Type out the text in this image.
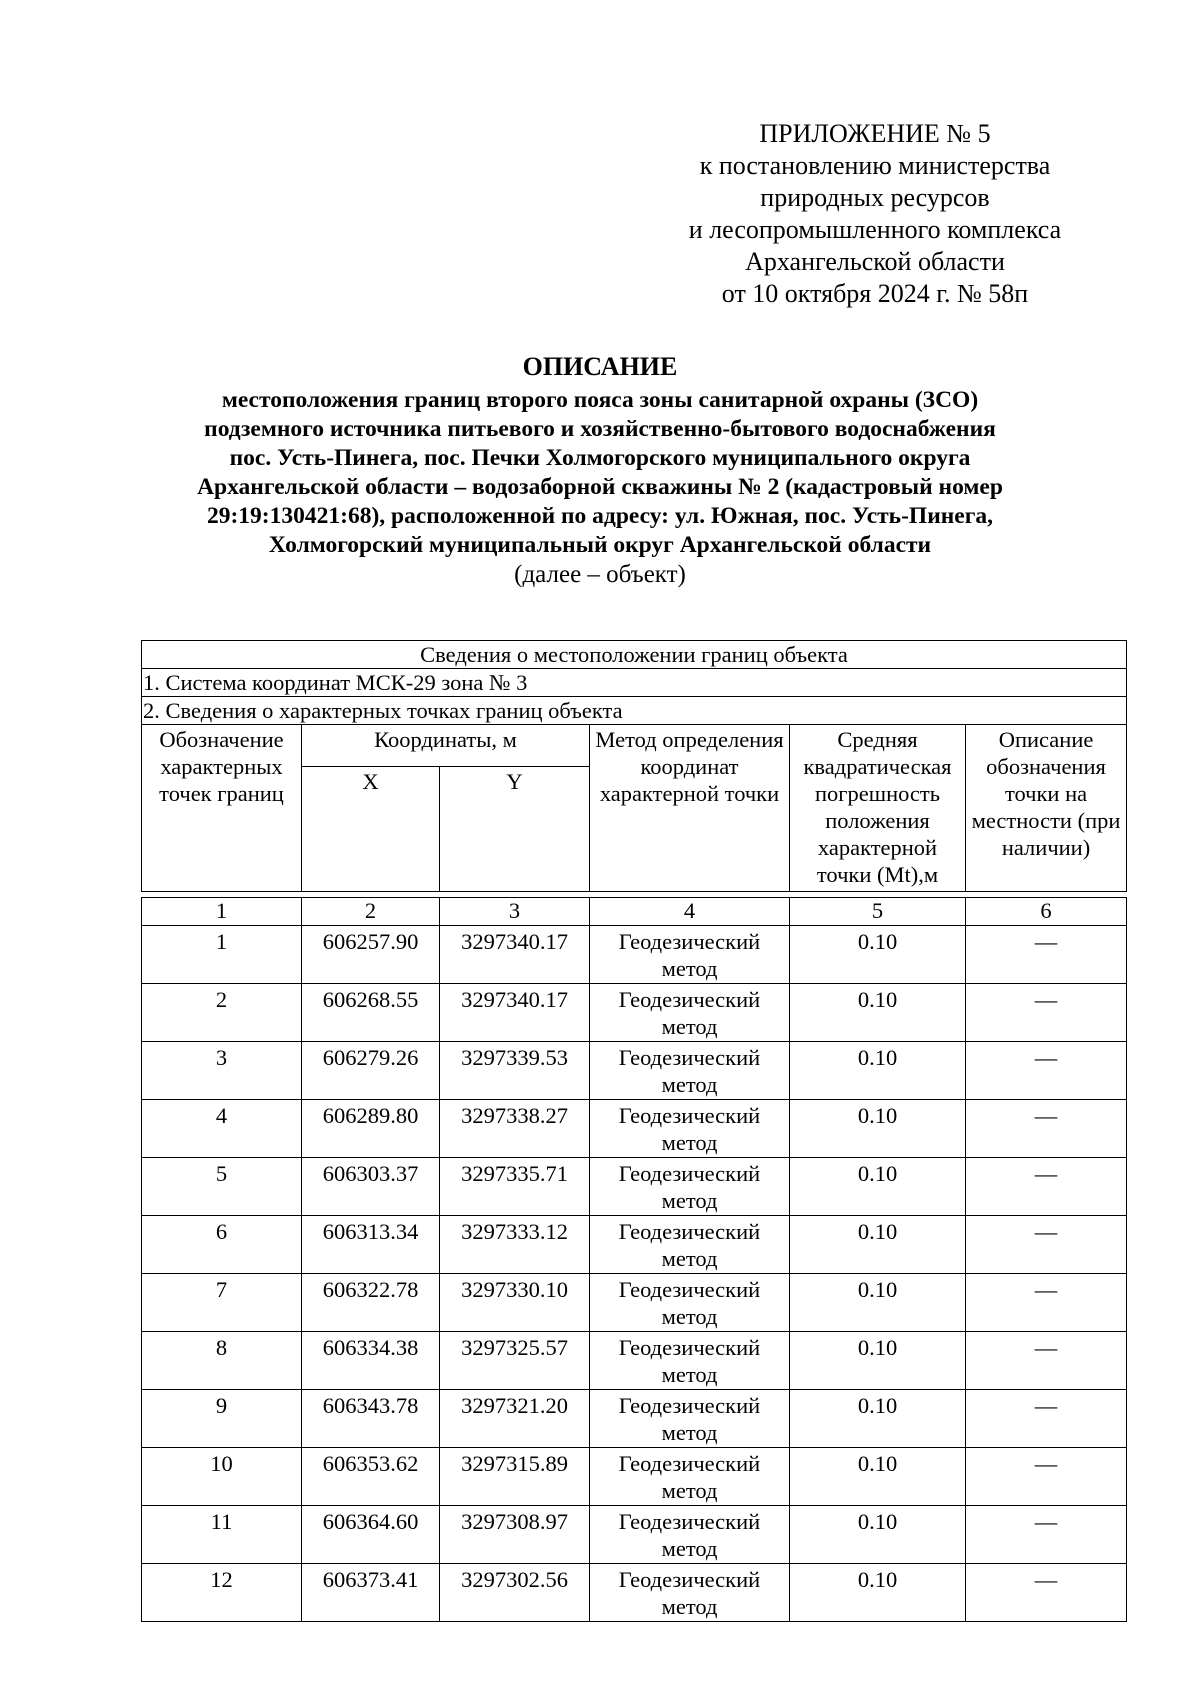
ПРИЛОЖЕНИЕ № 5
к постановлению министерства
природных ресурсов
и лесопромышленного комплекса
Архангельской области
от 10 октября 2024 г. № 58п
ОПИСАНИЕ
местоположения границ второго пояса зоны санитарной охраны (ЗСО)
подземного источника питьевого и хозяйственно-бытового водоснабжения
пос. Усть-Пинега, пос. Печки Холмогорского муниципального округа
Архангельской области – водозаборной скважины № 2 (кадастровый номер
29:19:130421:68), расположенной по адресу: ул. Южная, пос. Усть-Пинега,
Холмогорский муниципальный округ Архангельской области
(далее – объект)
Сведения о местоположении границ объекта					
1. Система координат МСК-29 зона № 3					
2. Сведения о характерных точках границ объекта					
Обозначение характерных точек границ	Координаты, м		Метод определения координат характерной точки	Средняя квадратическая погрешность положения характерной точки (Mt),м	Описание обозначения точки на местности (при наличии)
	X	Y			
1	2	3	4	5	6
1	606257.90	3297340.17	Геодезический метод	0.10	—
2	606268.55	3297340.17	Геодезический метод	0.10	—
3	606279.26	3297339.53	Геодезический метод	0.10	—
4	606289.80	3297338.27	Геодезический метод	0.10	—
5	606303.37	3297335.71	Геодезический метод	0.10	—
6	606313.34	3297333.12	Геодезический метод	0.10	—
7	606322.78	3297330.10	Геодезический метод	0.10	—
8	606334.38	3297325.57	Геодезический метод	0.10	—
9	606343.78	3297321.20	Геодезический метод	0.10	—
10	606353.62	3297315.89	Геодезический метод	0.10	—
11	606364.60	3297308.97	Геодезический метод	0.10	—
12	606373.41	3297302.56	Геодезический метод	0.10	—
